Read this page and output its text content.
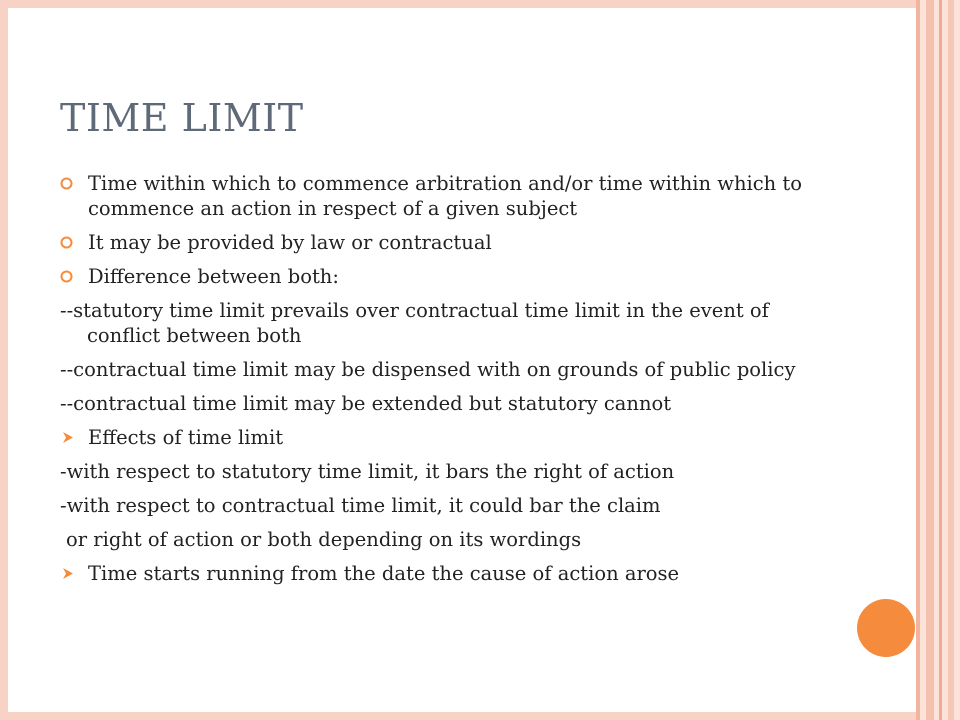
TIME LIMIT
Time within which to commence arbitration and/or time within which to commence an action in respect of a given subject
It may be provided by law or contractual
Difference between both:
--statutory time limit prevails over contractual time limit in the event of conflict between both
--contractual time limit may be dispensed with on grounds of public policy
--contractual time limit may be extended but statutory cannot
Effects of time limit
-with respect to statutory time limit, it bars the right of action
-with respect to contractual time limit, it could bar the claim
or right of action or both depending on its wordings
Time starts running from the date the cause of action arose
